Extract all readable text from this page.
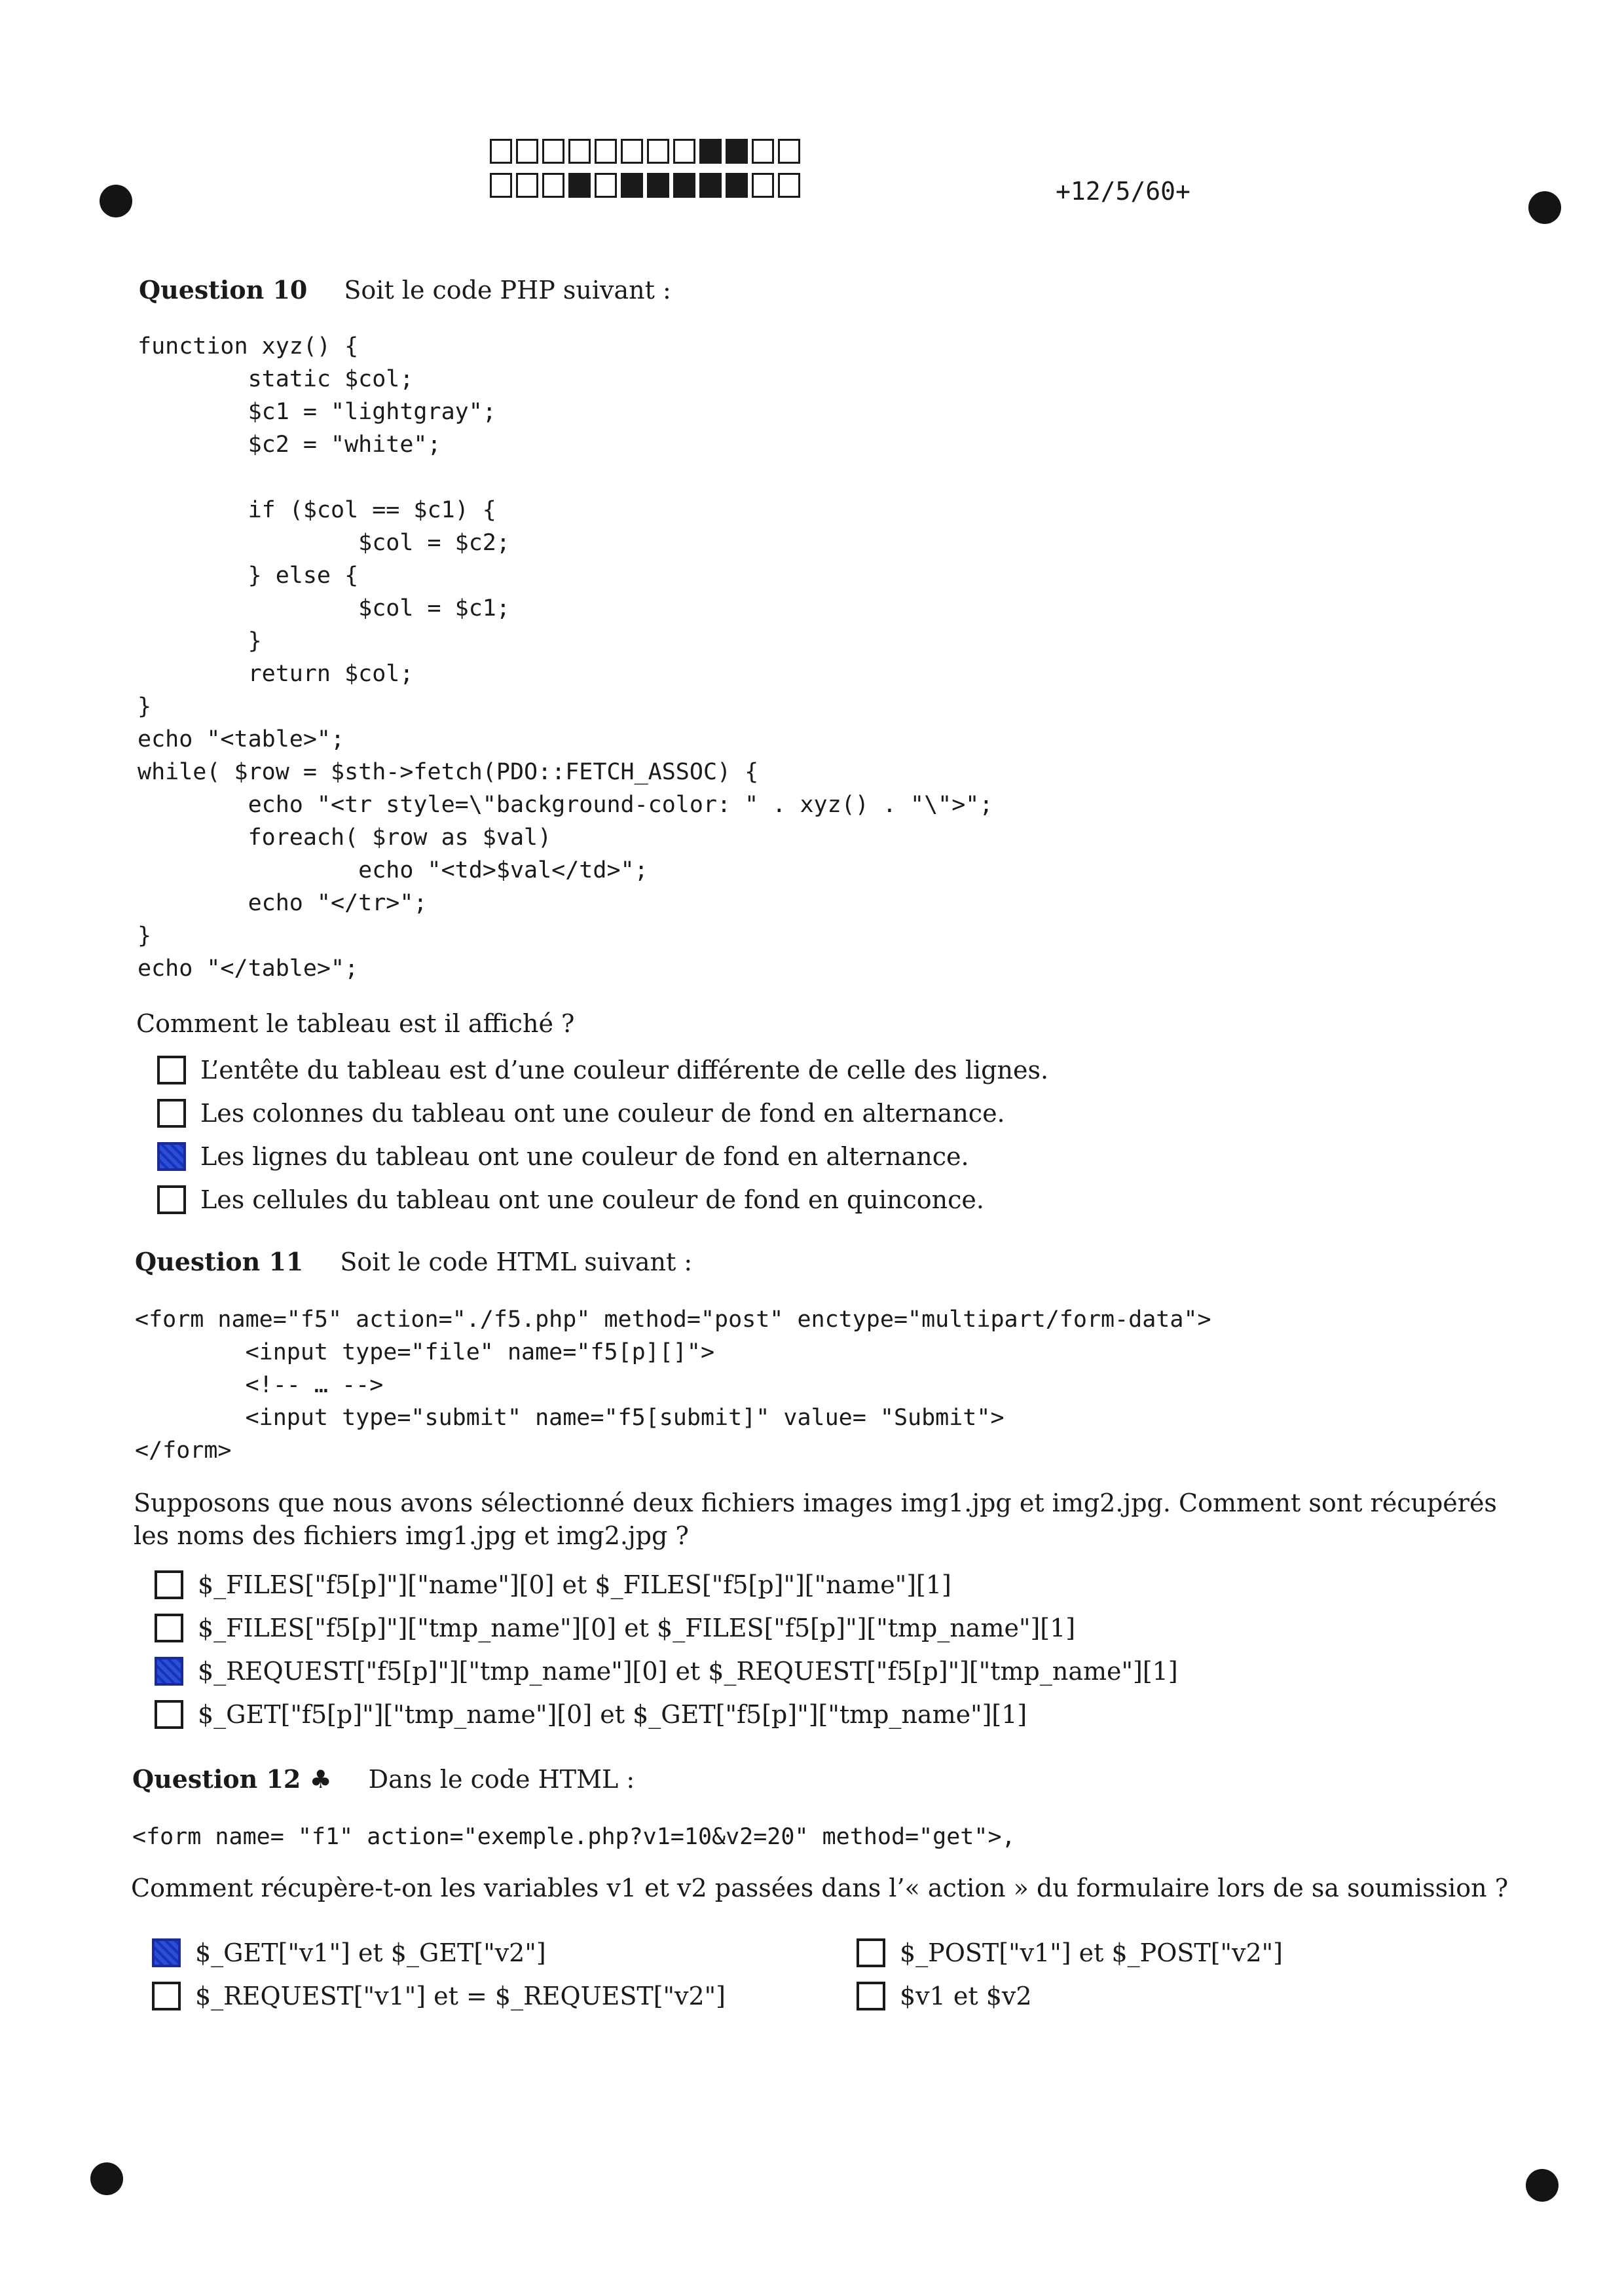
+12/5/60+
Question 10 Soit le code PHP suivant :
function xyz() {
static $col;
$c1 = "lightgray";
$c2 = "white";

if ($col == $c1) {
$col = $c2;
} else {
$col = $c1;
}
return $col;
}
echo "<table>";
while( $row = $sth->fetch(PDO::FETCH_ASSOC) {
echo "<tr style=\"background-color: " . xyz() . "\">";
foreach( $row as $val)
echo "<td>$val</td>";
echo "</tr>";
}
echo "</table>";
Comment le tableau est il affiché ?
L’entête du tableau est d’une couleur différente de celle des lignes.
Les colonnes du tableau ont une couleur de fond en alternance.
Les lignes du tableau ont une couleur de fond en alternance.
Les cellules du tableau ont une couleur de fond en quinconce.
Question 11 Soit le code HTML suivant :
<form name="f5" action="./f5.php" method="post" enctype="multipart/form-data">
<input type="file" name="f5[p][]">
<!-- … -->
<input type="submit" name="f5[submit]" value= "Submit">
</form>
Supposons que nous avons sélectionné deux fichiers images img1.jpg et img2.jpg. Comment sont récupérés les noms des fichiers img1.jpg et img2.jpg ?
$_FILES["f5[p]"]["name"][0] et $_FILES["f5[p]"]["name"][1]
$_FILES["f5[p]"]["tmp_name"][0] et $_FILES["f5[p]"]["tmp_name"][1]
$_REQUEST["f5[p]"]["tmp_name"][0] et $_REQUEST["f5[p]"]["tmp_name"][1]
$_GET["f5[p]"]["tmp_name"][0] et $_GET["f5[p]"]["tmp_name"][1]
Question 12 ♣ Dans le code HTML :
<form name= "f1" action="exemple.php?v1=10&v2=20" method="get">,
Comment récupère-t-on les variables v1 et v2 passées dans l’« action » du formulaire lors de sa soumission ?
$_GET["v1"] et $_GET["v2"]	$_POST["v1"] et $_POST["v2"]
$_REQUEST["v1"] et = $_REQUEST["v2"]	$v1 et $v2
